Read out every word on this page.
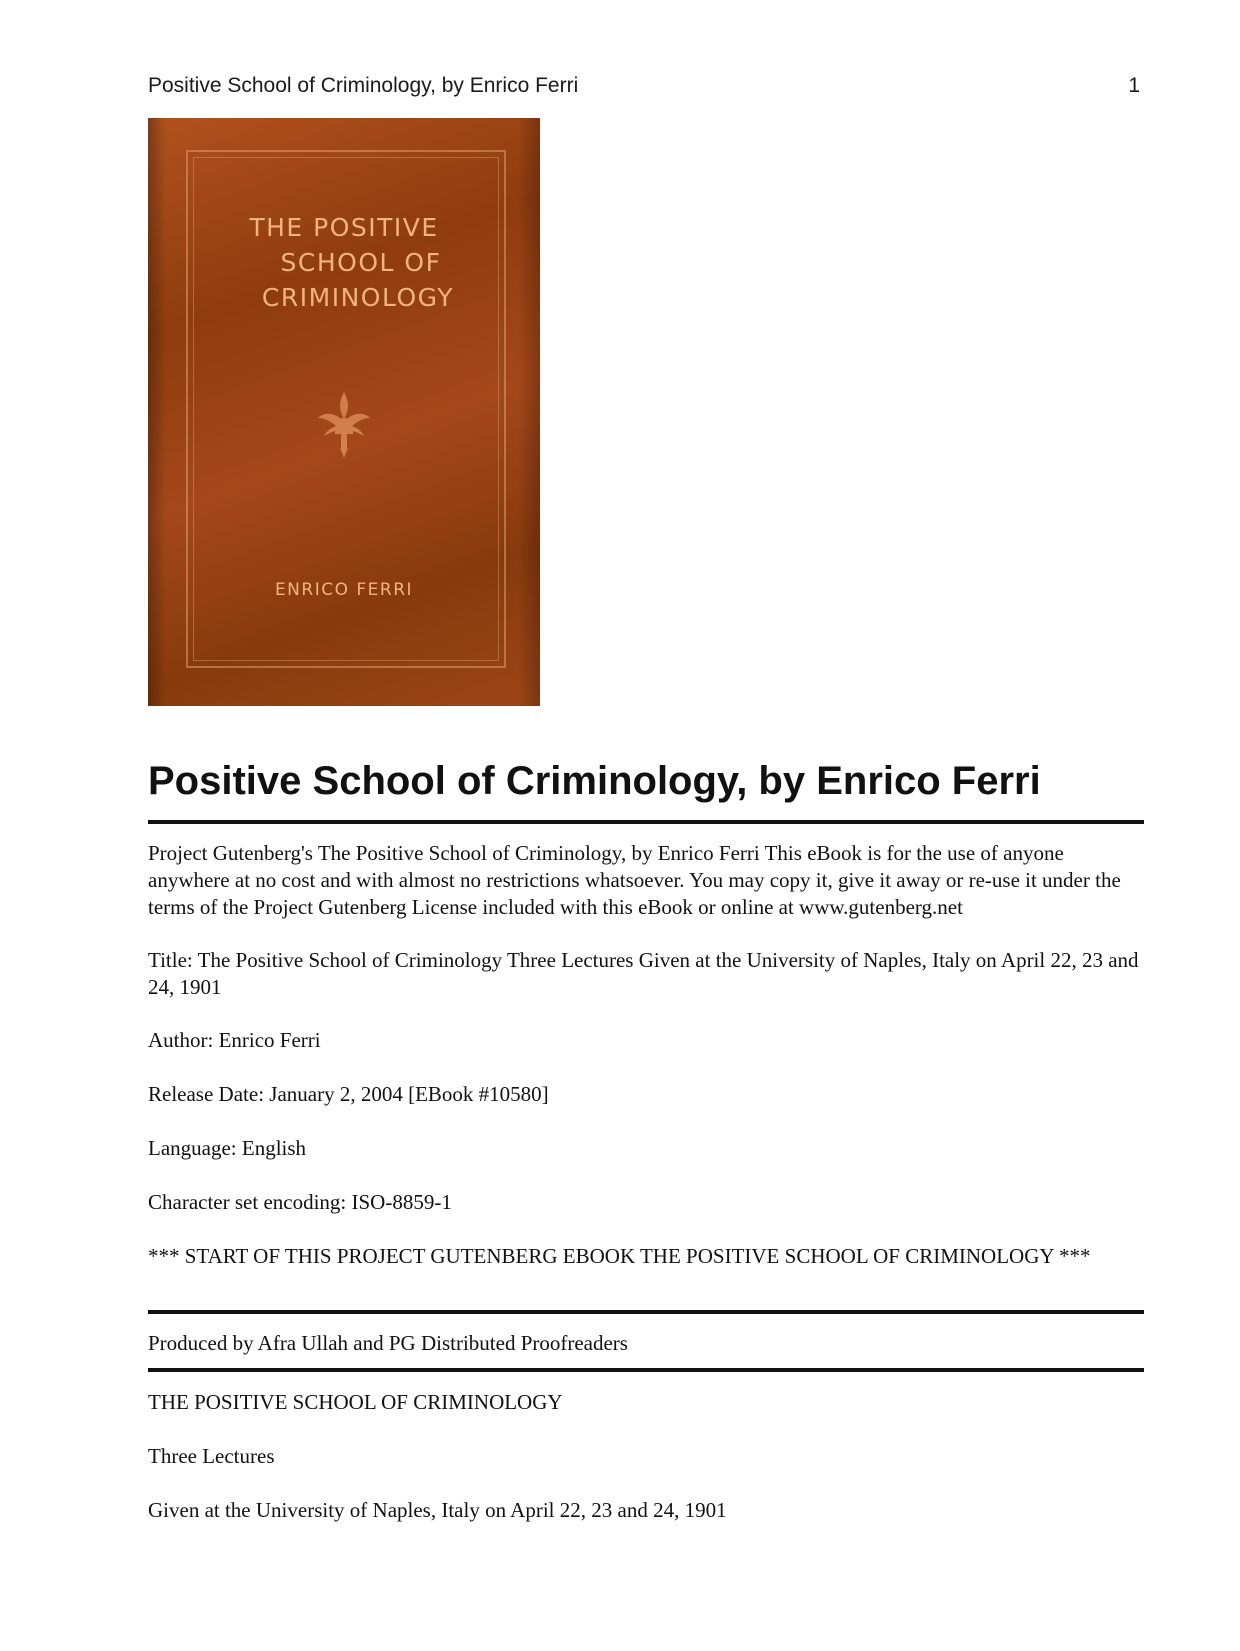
Positive School of Criminology, by Enrico Ferri	1
THE POSITIVE
SCHOOL OF
CRIMINOLOGY
ENRICO FERRI
Positive School of Criminology, by Enrico Ferri

Project Gutenberg's The Positive School of Criminology, by Enrico Ferri This eBook is for the use of anyone anywhere at no cost and with almost no restrictions whatsoever. You may copy it, give it away or re-use it under the terms of the Project Gutenberg License included with this eBook or online at www.gutenberg.net

Title: The Positive School of Criminology Three Lectures Given at the University of Naples, Italy on April 22, 23 and 24, 1901

Author: Enrico Ferri

Release Date: January 2, 2004 [EBook #10580]

Language: English

Character set encoding: ISO-8859-1

*** START OF THIS PROJECT GUTENBERG EBOOK THE POSITIVE SCHOOL OF CRIMINOLOGY ***

Produced by Afra Ullah and PG Distributed Proofreaders

THE POSITIVE SCHOOL OF CRIMINOLOGY

Three Lectures

Given at the University of Naples, Italy on April 22, 23 and 24, 1901
